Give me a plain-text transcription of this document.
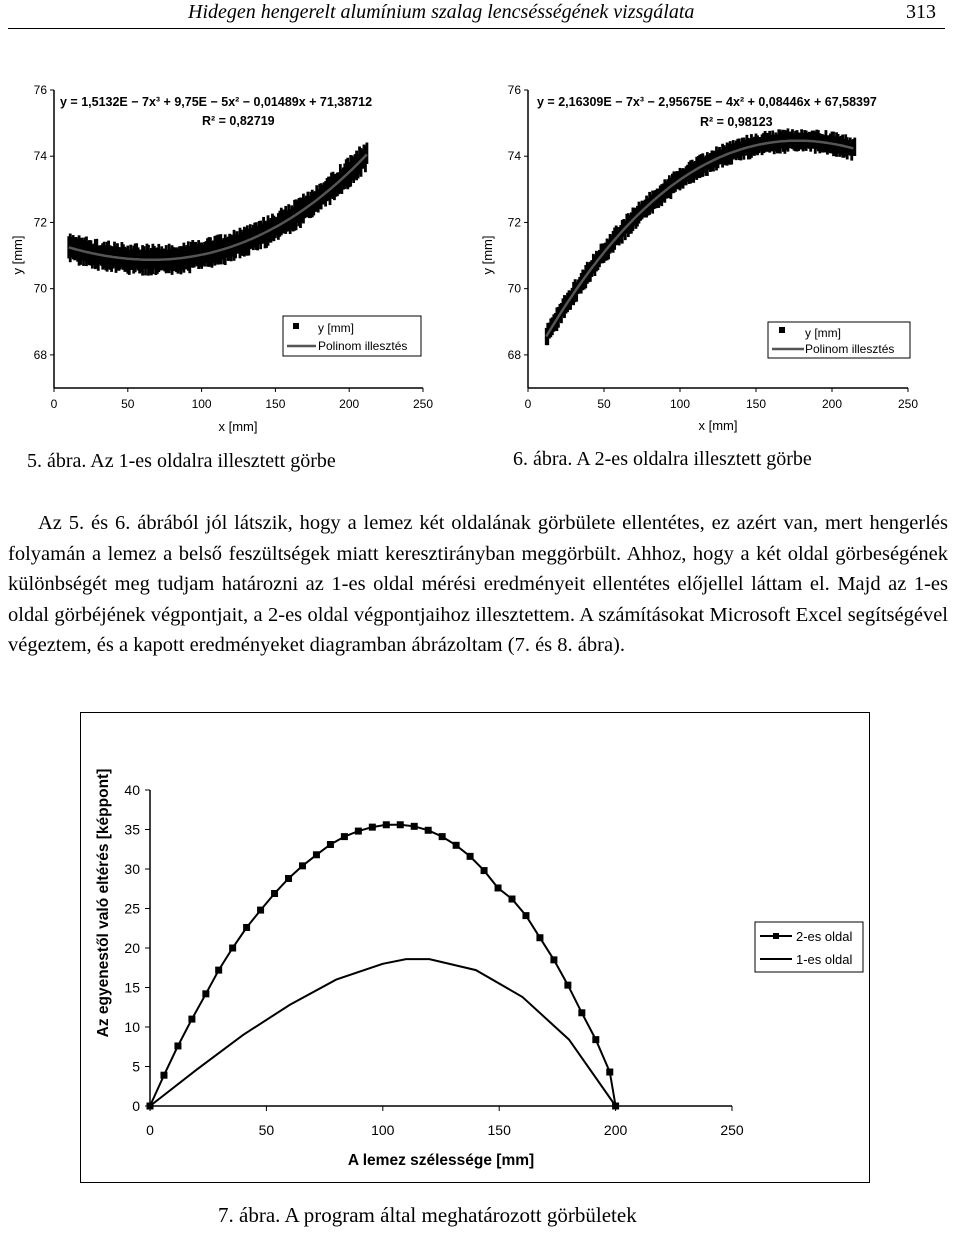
Hidegen hengerelt alumínium szalag lencsésségének vizsgálata	313
0	50	100	150	200	250
68
70
72
74
76
y = 1,5132E − 7x³ + 9,75E − 5x² − 0,01489x + 71,38712
R² = 0,82719
y [mm]
Polinom illesztés
x [mm]
y [mm]
5. ábra. Az 1-es oldalra illesztett görbe
0	50	100	150	200	250
68
70
72
74
76
y = 2,16309E − 7x³ − 2,95675E − 4x² + 0,08446x + 67,58397
R² = 0,98123
y [mm]
Polinom illesztés
x [mm]
y [mm]
6. ábra. A 2-es oldalra illesztett görbe

Az 5. és 6. ábrából jól látszik, hogy a lemez két oldalának görbülete ellentétes, ez azért van, mert hengerlés folyamán a lemez a belső feszültségek miatt keresztirányban meggörbült. Ahhoz, hogy a két oldal görbeségének különbségét meg tudjam határozni az 1-es oldal mérési eredményeit ellentétes előjellel láttam el. Majd az 1-es oldal görbéjének végpontjait, a 2-es oldal végpontjaihoz illesztettem. A számításokat Microsoft Excel segítségével végeztem, és a kapott eredményeket diagramban ábrázoltam (7. és 8. ábra).

0	50	100	150	200	250
0
5
10
15
20
25
30
35
40
2-es oldal
1-es oldal
A lemez szélessége [mm]
Az egyenestől való eltérés [képpont]
7. ábra. A program által meghatározott görbületek
